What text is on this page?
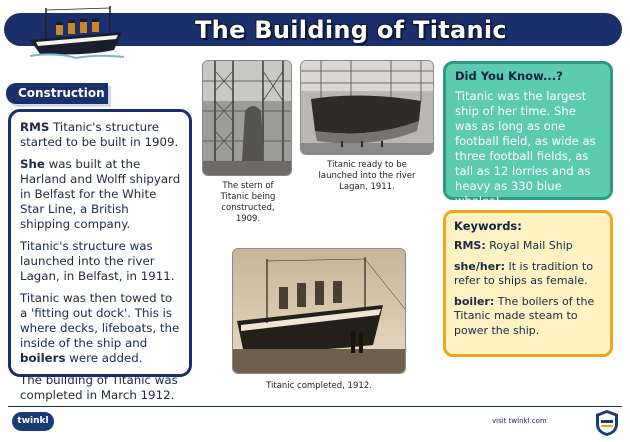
The Building of Titanic
Construction

RMS Titanic's structure started to be built in 1909.

She was built at the Harland and Wolff shipyard in Belfast for the White Star Line, a British shipping company.

Titanic's structure was launched into the river Lagan, in Belfast, in 1911.

Titanic was then towed to a 'fitting out dock'. This is where decks, lifeboats, the inside of the ship and boilers were added.

The building of Titanic was completed in March 1912.

The stern of Titanic being constructed, 1909.
Titanic ready to be launched into the river Lagan, 1911.
Titanic completed, 1912.
Did You Know...?
Titanic was the largest ship of her time. She was as long as one football field, as wide as three football fields, as tall as 12 lorries and as heavy as 330 blue whales!
Keywords:
RMS: Royal Mail Ship
she/her: It is tradition to refer to ships as female.
boiler: The boilers of the Titanic made steam to power the ship.
twinkl	visit twinkl.com
